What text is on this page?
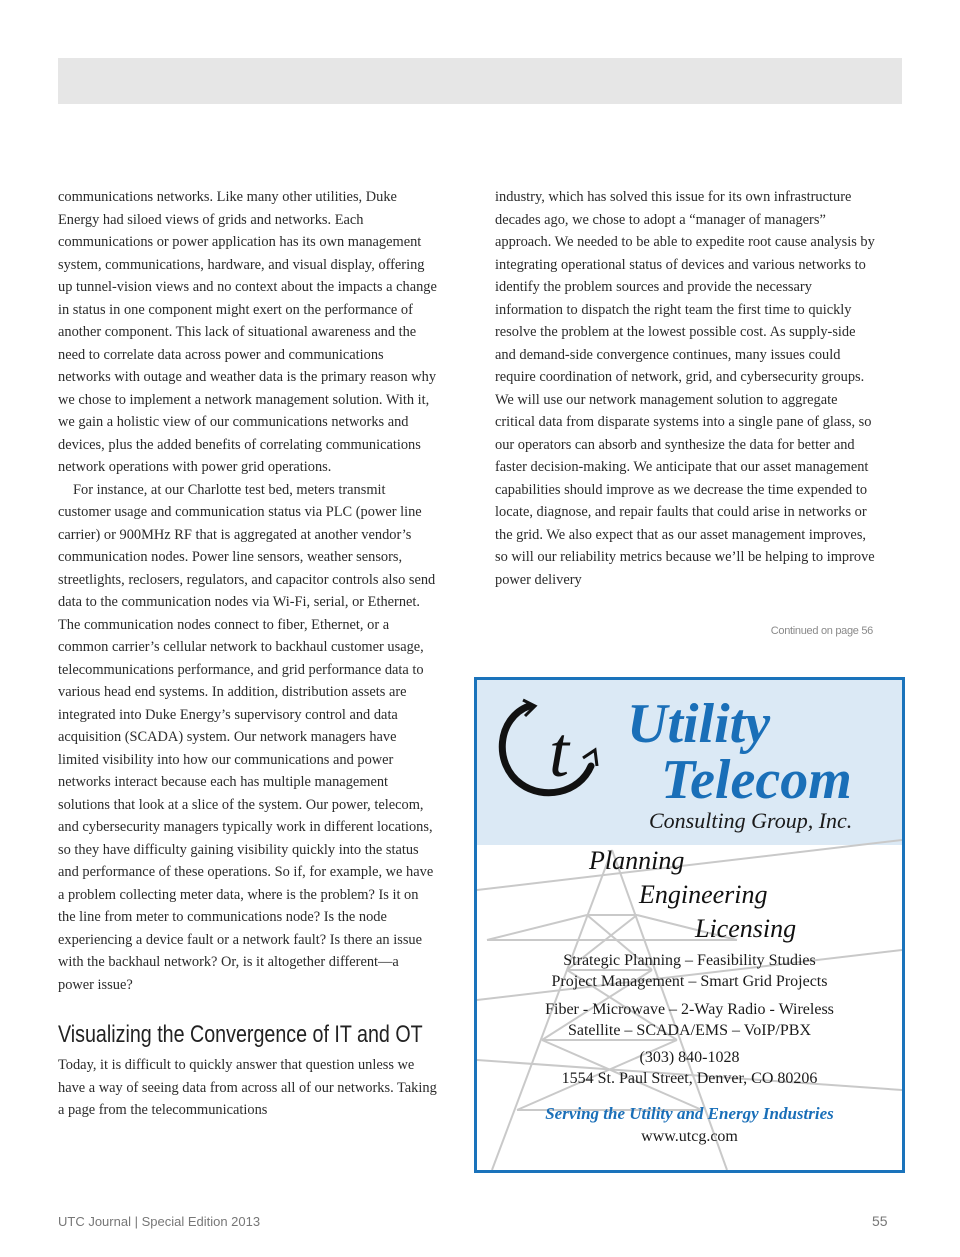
communications networks. Like many other utilities, Duke Energy had siloed views of grids and networks. Each communications or power application has its own management system, communications, hardware, and visual display, offering up tunnel-vision views and no context about the impacts a change in status in one component might exert on the performance of another component. This lack of situational awareness and the need to correlate data across power and communications networks with outage and weather data is the primary reason why we chose to implement a network management solution. With it, we gain a holistic view of our communications networks and devices, plus the added benefits of correlating communications network operations with power grid operations.

For instance, at our Charlotte test bed, meters transmit customer usage and communication status via PLC (power line carrier) or 900MHz RF that is aggregated at another vendor’s communication nodes. Power line sensors, weather sensors, streetlights, reclosers, regulators, and capacitor controls also send data to the communication nodes via Wi-Fi, serial, or Ethernet. The communication nodes connect to fiber, Ethernet, or a common carrier’s cellular network to backhaul customer usage, telecommunications performance, and grid performance data to various head end systems. In addition, distribution assets are integrated into Duke Energy’s supervisory control and data acquisition (SCADA) system. Our network managers have limited visibility into how our communications and power networks interact because each has multiple management solutions that look at a slice of the system. Our power, telecom, and cybersecurity managers typically work in different locations, so they have difficulty gaining visibility quickly into the status and performance of these operations. So if, for example, we have a problem collecting meter data, where is the problem? Is it on the line from meter to communications node? Is the node experiencing a device fault or a network fault? Is there an issue with the backhaul network? Or, is it altogether different—a power issue?

Visualizing the Convergence of IT and OT

Today, it is difficult to quickly answer that question unless we have a way of seeing data from across all of our networks. Taking a page from the telecommunications

industry, which has solved this issue for its own infrastructure decades ago, we chose to adopt a “manager of managers” approach. We needed to be able to expedite root cause analysis by integrating operational status of devices and various networks to identify the problem sources and provide the necessary information to dispatch the right team the first time to quickly resolve the problem at the lowest possible cost. As supply-side and demand-side convergence continues, many issues could require coordination of network, grid, and cybersecurity groups. We will use our network management solution to aggregate critical data from disparate systems into a single pane of glass, so our operators can absorb and synthesize the data for better and faster decision-making. We anticipate that our asset management capabilities should improve as we decrease the time expended to locate, diagnose, and repair faults that could arise in networks or the grid. We also expect that as our asset management improves, so will our reliability metrics because we’ll be helping to improve power delivery

Continued on page 56
t Utility
Telecom
Consulting Group, Inc.
Planning
Engineering
Licensing
Strategic Planning – Feasibility Studies
Project Management – Smart Grid Projects
Fiber - Microwave – 2-Way Radio - Wireless
Satellite – SCADA/EMS – VoIP/PBX
(303) 840-1028
1554 St. Paul Street, Denver, CO 80206
Serving the Utility and Energy Industries
www.utcg.com
UTC Journal | Special Edition 2013	55
